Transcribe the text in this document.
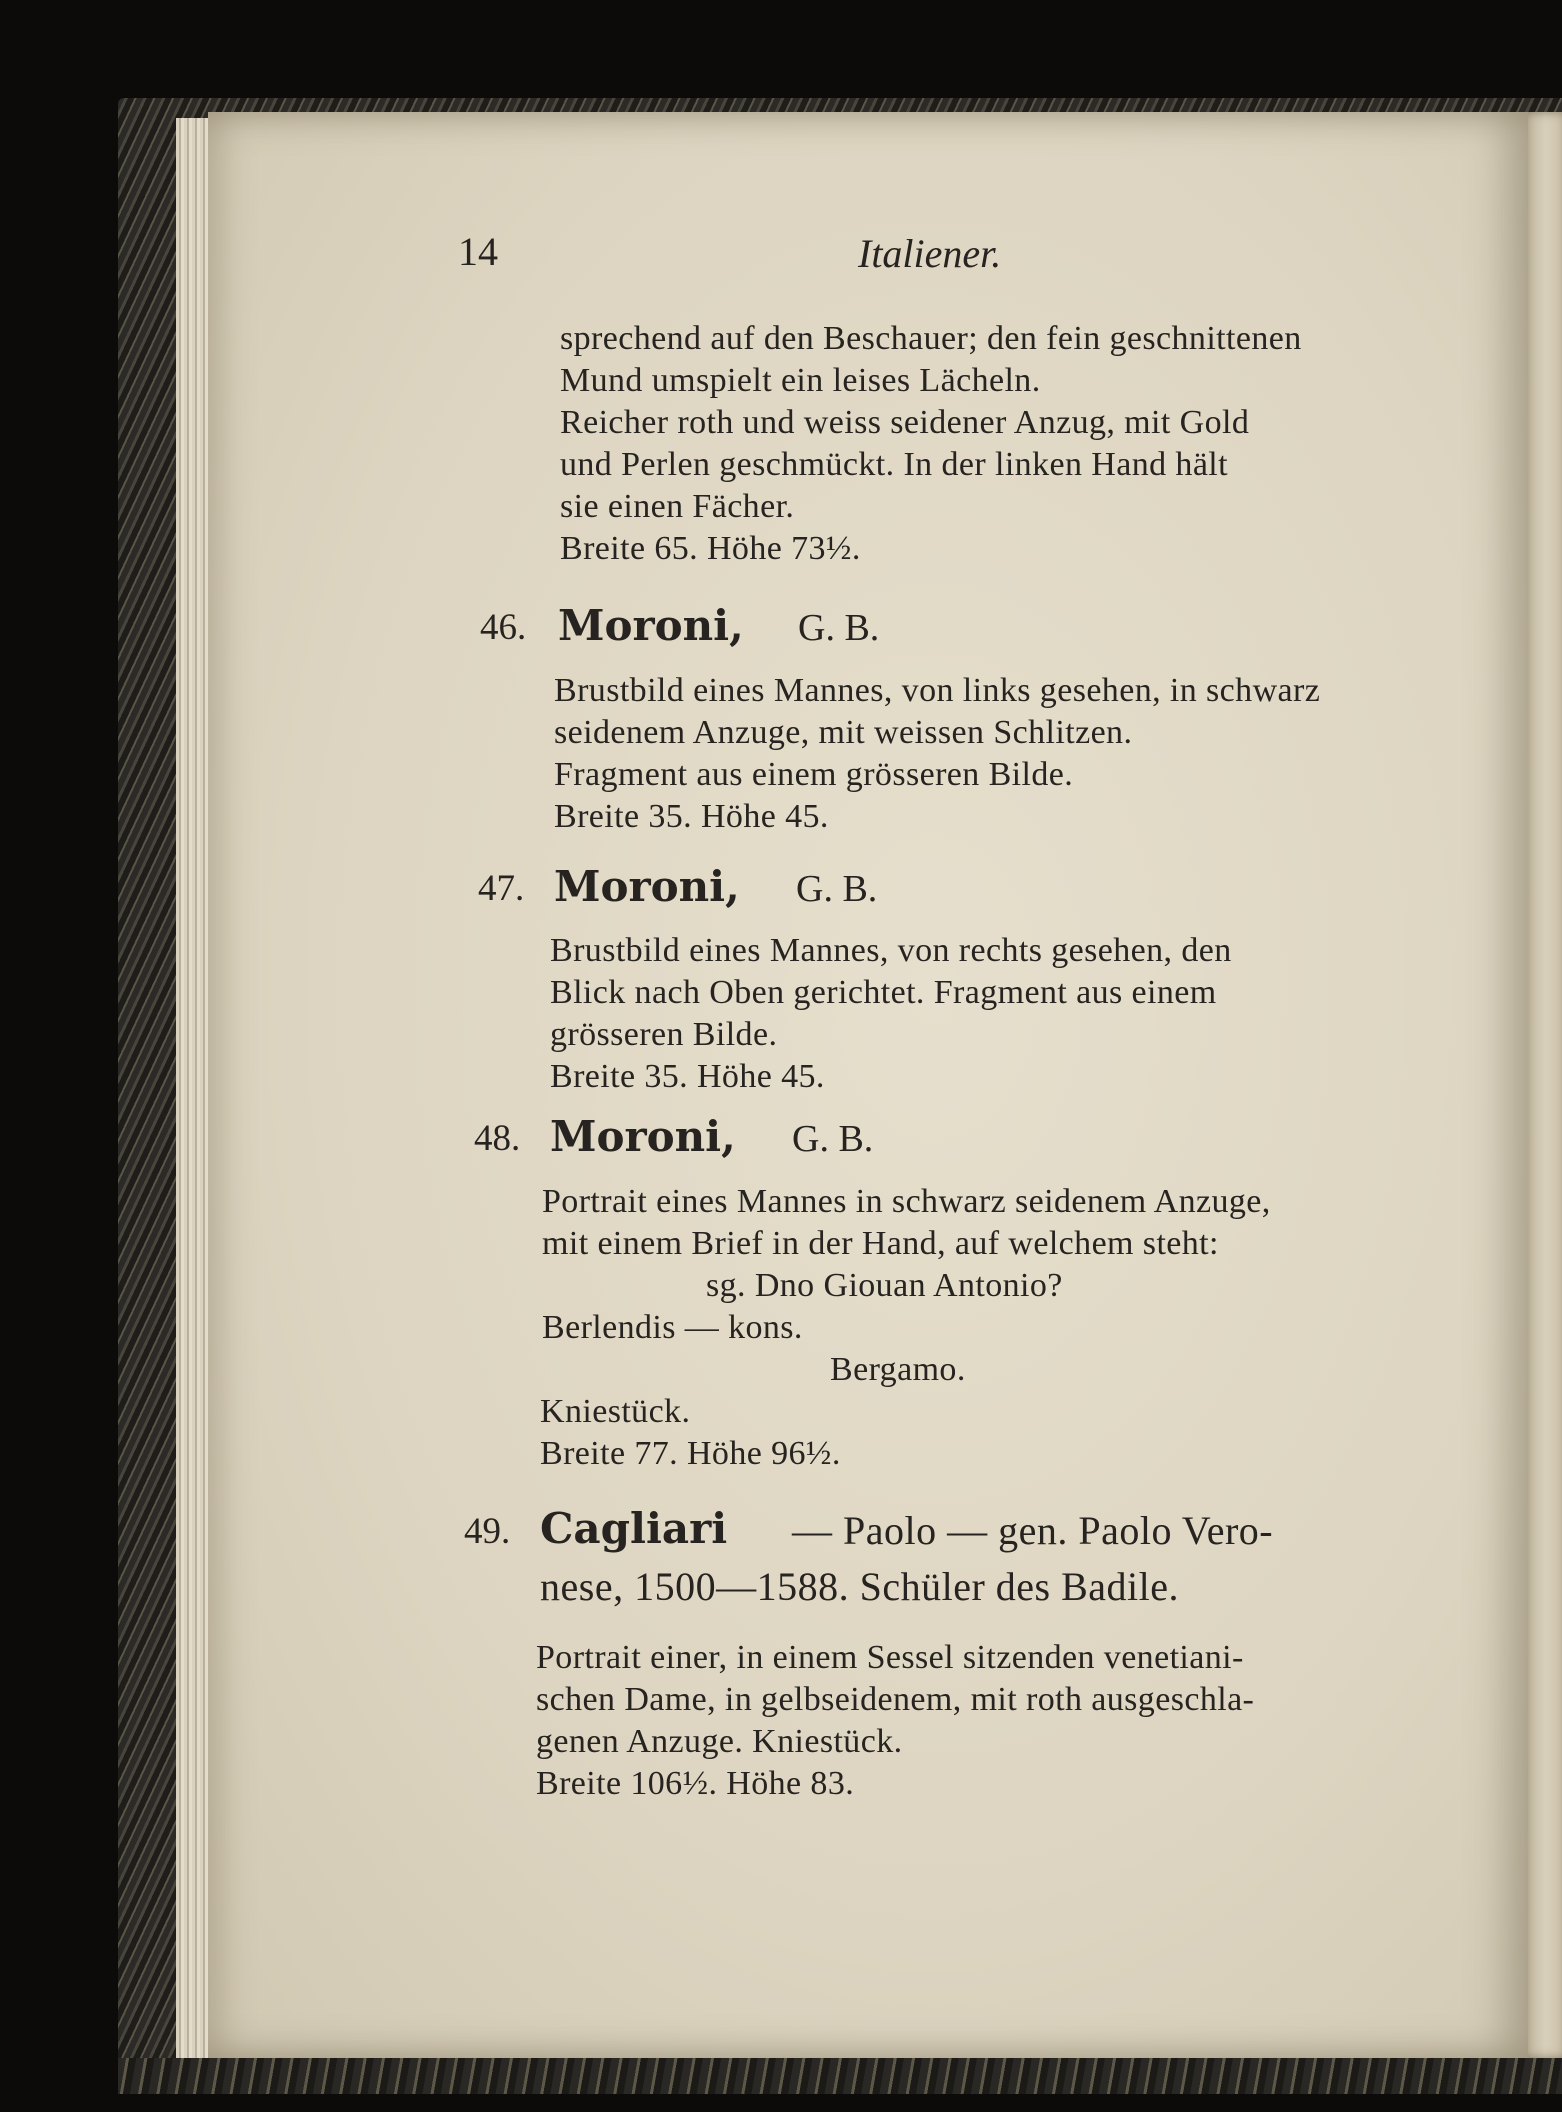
14	Italiener.
sprechend auf den Beschauer; den fein geschnittenen
Mund umspielt ein leises Lächeln.
Reicher roth und weiss seidener Anzug, mit Gold
und Perlen geschmückt. In der linken Hand hält
sie einen Fächer.
Breite 65. Höhe 73½.
46. Moroni, G. B.
Brustbild eines Mannes, von links gesehen, in schwarz
seidenem Anzuge, mit weissen Schlitzen.
Fragment aus einem grösseren Bilde.
Breite 35. Höhe 45.
47. Moroni, G. B.
Brustbild eines Mannes, von rechts gesehen, den
Blick nach Oben gerichtet. Fragment aus einem
grösseren Bilde.
Breite 35. Höhe 45.
48. Moroni, G. B.
Portrait eines Mannes in schwarz seidenem Anzuge,
mit einem Brief in der Hand, auf welchem steht:
sg. Dno Giouan Antonio?
Berlendis — kons.
Bergamo.
Kniestück.
Breite 77. Höhe 96½.
49. Cagliari — Paolo — gen. Paolo Vero-
nese, 1500—1588. Schüler des Badile.
Portrait einer, in einem Sessel sitzenden venetiani-
schen Dame, in gelbseidenem, mit roth ausgeschla-
genen Anzuge. Kniestück.
Breite 106½. Höhe 83.
